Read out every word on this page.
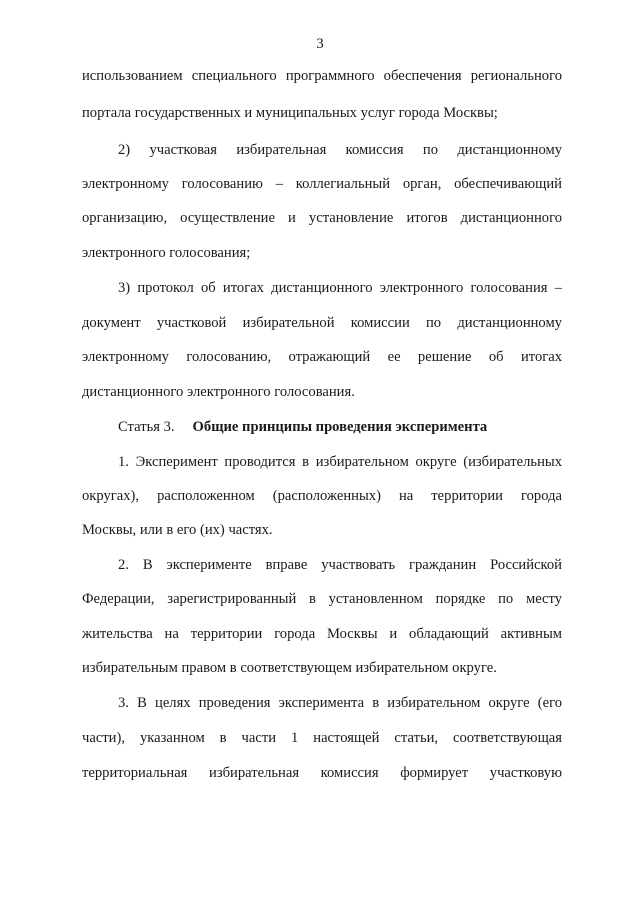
3
использованием специального программного обеспечения регионального
портала государственных и муниципальных услуг города Москвы;
2) участковая избирательная комиссия по дистанционному
электронному голосованию – коллегиальный орган, обеспечивающий
организацию, осуществление и установление итогов дистанционного
электронного голосования;
3) протокол об итогах дистанционного электронного голосования –
документ участковой избирательной комиссии по дистанционному
электронному голосованию, отражающий ее решение об итогах
дистанционного электронного голосования.
Статья 3. Общие принципы проведения эксперимента
1. Эксперимент проводится в избирательном округе (избирательных
округах), расположенном (расположенных) на территории города
Москвы, или в его (их) частях.
2. В эксперименте вправе участвовать гражданин Российской
Федерации, зарегистрированный в установленном порядке по месту
жительства на территории города Москвы и обладающий активным
избирательным правом в соответствующем избирательном округе.
3. В целях проведения эксперимента в избирательном округе (его
части), указанном в части 1 настоящей статьи, соответствующая
территориальная избирательная комиссия формирует участковую
